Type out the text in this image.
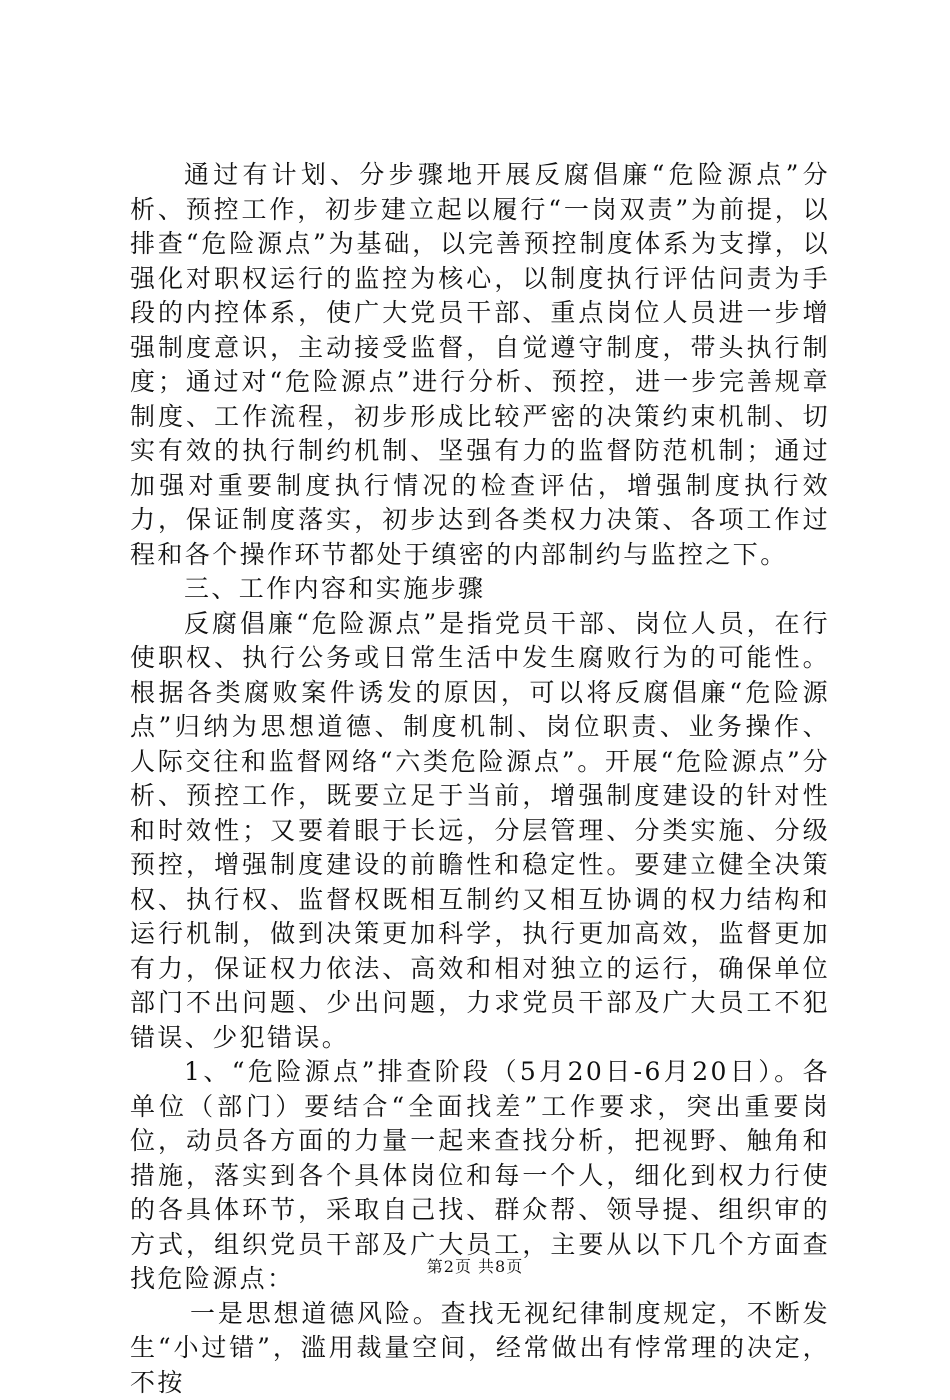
通过有计划、分步骤地开展反腐倡廉“危险源点”分析、预控工作，初步建立起以履行“一岗双责”为前提，以排查“危险源点”为基础，以完善预控制度体系为支撑，以强化对职权运行的监控为核心，以制度执行评估问责为手段的内控体系，使广大党员干部、重点岗位人员进一步增强制度意识，主动接受监督，自觉遵守制度，带头执行制度；通过对“危险源点”进行分析、预控，进一步完善规章制度、工作流程，初步形成比较严密的决策约束机制、切实有效的执行制约机制、坚强有力的监督防范机制；通过加强对重要制度执行情况的检查评估，增强制度执行效力，保证制度落实，初步达到各类权力决策、各项工作过程和各个操作环节都处于缜密的内部制约与监控之下。

三、工作内容和实施步骤

反腐倡廉“危险源点”是指党员干部、岗位人员，在行使职权、执行公务或日常生活中发生腐败行为的可能性。根据各类腐败案件诱发的原因，可以将反腐倡廉“危险源点”归纳为思想道德、制度机制、岗位职责、业务操作、人际交往和监督网络“六类危险源点”。开展“危险源点”分析、预控工作，既要立足于当前，增强制度建设的针对性和时效性；又要着眼于长远，分层管理、分类实施、分级预控，增强制度建设的前瞻性和稳定性。要建立健全决策权、执行权、监督权既相互制约又相互协调的权力结构和运行机制，做到决策更加科学，执行更加高效，监督更加有力，保证权力依法、高效和相对独立的运行，确保单位部门不出问题、少出问题，力求党员干部及广大员工不犯错误、少犯错误。

1、“危险源点”排查阶段（5月20日-6月20日）。各单位（部门）要结合“全面找差”工作要求，突出重要岗位，动员各方面的力量一起来查找分析，把视野、触角和措施，落实到各个具体岗位和每一个人，细化到权力行使的各具体环节，采取自己找、群众帮、领导提、组织审的方式，组织党员干部及广大员工，主要从以下几个方面查找危险源点：

一是思想道德风险。查找无视纪律制度规定，不断发生“小过错”，滥用裁量空间，经常做出有悖常理的决定，不按

第2页 共8页
